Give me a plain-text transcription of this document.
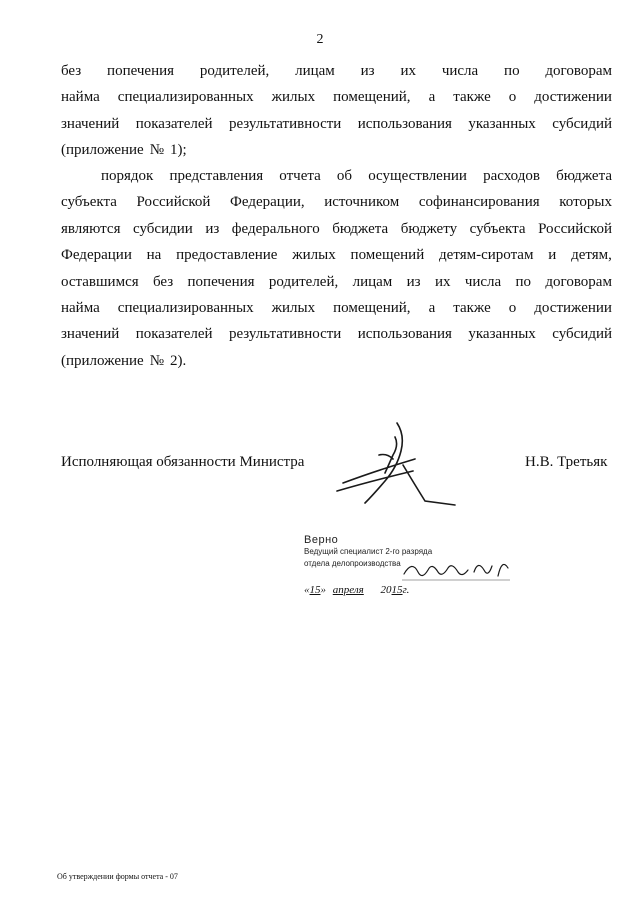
2
без попечения родителей, лицам из их числа по договорам
найма специализированных жилых помещений, а также о достижении
значений показателей результативности использования указанных субсидий
(приложение № 1);
порядок представления отчета об осуществлении расходов бюджета
субъекта Российской Федерации, источником софинансирования которых
являются субсидии из федерального бюджета бюджету субъекта Российской
Федерации на предоставление жилых помещений детям-сиротам и детям,
оставшимся без попечения родителей, лицам из их числа по договорам
найма специализированных жилых помещений, а также о достижении
значений показателей результативности использования указанных субсидий
(приложение № 2).
Исполняющая обязанности Министра	Н.В. Третьяк
Верно
Ведущий специалист 2-го разряда
отдела делопроизводства
«15» апреля 2015г.
Об утверждении формы отчета - 07
